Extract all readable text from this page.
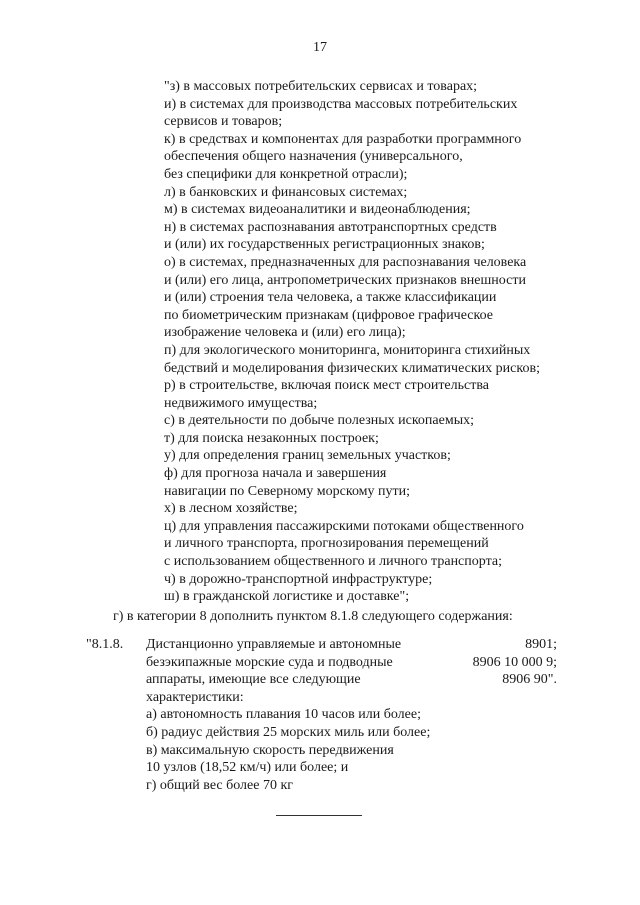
17
"з) в массовых потребительских сервисах и товарах;
и) в системах для производства массовых потребительских
сервисов и товаров;
к) в средствах и компонентах для разработки программного
обеспечения общего назначения (универсального,
без специфики для конкретной отрасли);
л) в банковских и финансовых системах;
м) в системах видеоаналитики и видеонаблюдения;
н) в системах распознавания автотранспортных средств
и (или) их государственных регистрационных знаков;
о) в системах, предназначенных для распознавания человека
и (или) его лица, антропометрических признаков внешности
и (или) строения тела человека, а также классификации
по биометрическим признакам (цифровое графическое
изображение человека и (или) его лица);
п) для экологического мониторинга, мониторинга стихийных
бедствий и моделирования физических климатических рисков;
р) в строительстве, включая поиск мест строительства
недвижимого имущества;
с) в деятельности по добыче полезных ископаемых;
т) для поиска незаконных построек;
у) для определения границ земельных участков;
ф) для прогноза начала и завершения
навигации по Северному морскому пути;
х) в лесном хозяйстве;
ц) для управления пассажирскими потоками общественного
и личного транспорта, прогнозирования перемещений
с использованием общественного и личного транспорта;
ч) в дорожно-транспортной инфраструктуре;
ш) в гражданской логистике и доставке";
г) в категории 8 дополнить пунктом 8.1.8 следующего содержания:
"8.1.8. Дистанционно управляемые и автономные
безэкипажные морские суда и подводные
аппараты, имеющие все следующие
характеристики:
а) автономность плавания 10 часов или более;
б) радиус действия 25 морских миль или более;
в) максимальную скорость передвижения
10 узлов (18,52 км/ч) или более; и
г) общий вес более 70 кг
8901;
8906 10 000 9;
8906 90".
